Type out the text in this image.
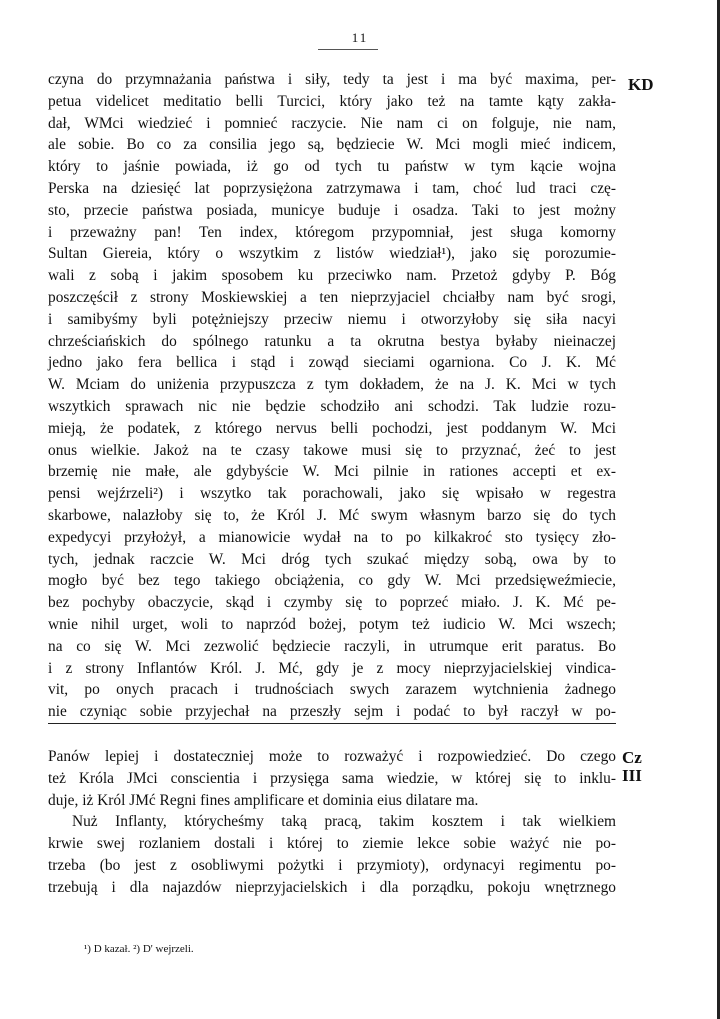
11
KD
czyna do przymnażania państwa i siły, tedy ta jest i ma być maxima, per-
petua videlicet meditatio belli Turcici, który jako też na tamte kąty zakła-
dał, WMci wiedzieć i pomnieć raczycie. Nie nam ci on folguje, nie nam,
ale sobie. Bo co za consilia jego są, będziecie W. Mci mogli mieć indicem,
który to jaśnie powiada, iż go od tych tu państw w tym kącie wojna
Perska na dziesięć lat poprzysiężona zatrzymawa i tam, choć lud traci czę-
sto, przecie państwa posiada, municye buduje i osadza. Taki to jest możny
i przeważny pan! Ten index, któregom przypomniał, jest sługa komorny
Sultan Giereia, który o wszytkim z listów wiedział¹), jako się porozumie-
wali z sobą i jakim sposobem ku przeciwko nam. Przetoż gdyby P. Bóg
poszczęścił z strony Moskiewskiej a ten nieprzyjaciel chciałby nam być srogi,
i samibyśmy byli potężniejszy przeciw niemu i otworzyłoby się siła nacyi
chrześciańskich do spólnego ratunku a ta okrutna bestya byłaby nieinaczej
jedno jako fera bellica i stąd i zowąd sieciami ogarniona. Co J. K. Mć
W. Mciam do uniżenia przypuszcza z tym dokładem, że na J. K. Mci w tych
wszytkich sprawach nic nie będzie schodziło ani schodzi. Tak ludzie rozu-
mieją, że podatek, z którego nervus belli pochodzi, jest poddanym W. Mci
onus wielkie. Jakoż na te czasy takowe musi się to przyznać, żeć to jest
brzemię nie małe, ale gdybyście W. Mci pilnie in rationes accepti et ex-
pensi wejźrzeli²) i wszytko tak porachowali, jako się wpisało w regestra
skarbowe, nalazłoby się to, że Król J. Mć swym własnym barzo się do tych
expedycyi przyłożył, a mianowicie wydał na to po kilkakroć sto tysięcy zło-
tych, jednak raczcie W. Mci dróg tych szukać między sobą, owa by to
mogło być bez tego takiego obciążenia, co gdy W. Mci przedsięweźmiecie,
bez pochyby obaczycie, skąd i czymby się to poprzeć miało. J. K. Mć pe-
wnie nihil urget, woli to naprzód bożej, potym też iudicio W. Mci wszech;
na co się W. Mci zezwolić będziecie raczyli, in utrumque erit paratus. Bo
i z strony Inflantów Król. J. Mć, gdy je z mocy nieprzyjacielskiej vindica-
vit, po onych pracach i trudnościach swych zarazem wytchnienia żadnego
nie czyniąc sobie przyjechał na przeszły sejm i podać to był raczył w po-
Cz
III
Panów lepiej i dostateczniej może to rozważyć i rozpowiedzieć. Do czego
też Króla JMci conscientia i przysięga sama wiedzie, w której się to inklu-
duje, iż Król JMć Regni fines amplificare et dominia eius dilatare ma.
Nuż Inflanty, którycheśmy taką pracą, takim kosztem i tak wielkiem
krwie swej rozlaniem dostali i której to ziemie lekce sobie ważyć nie po-
trzeba (bo jest z osobliwymi pożytki i przymioty), ordynacyi regimentu po-
trzebują i dla najazdów nieprzyjacielskich i dla porządku, pokoju wnętrznego
¹) D kazał. ²) D' wejrzeli.
